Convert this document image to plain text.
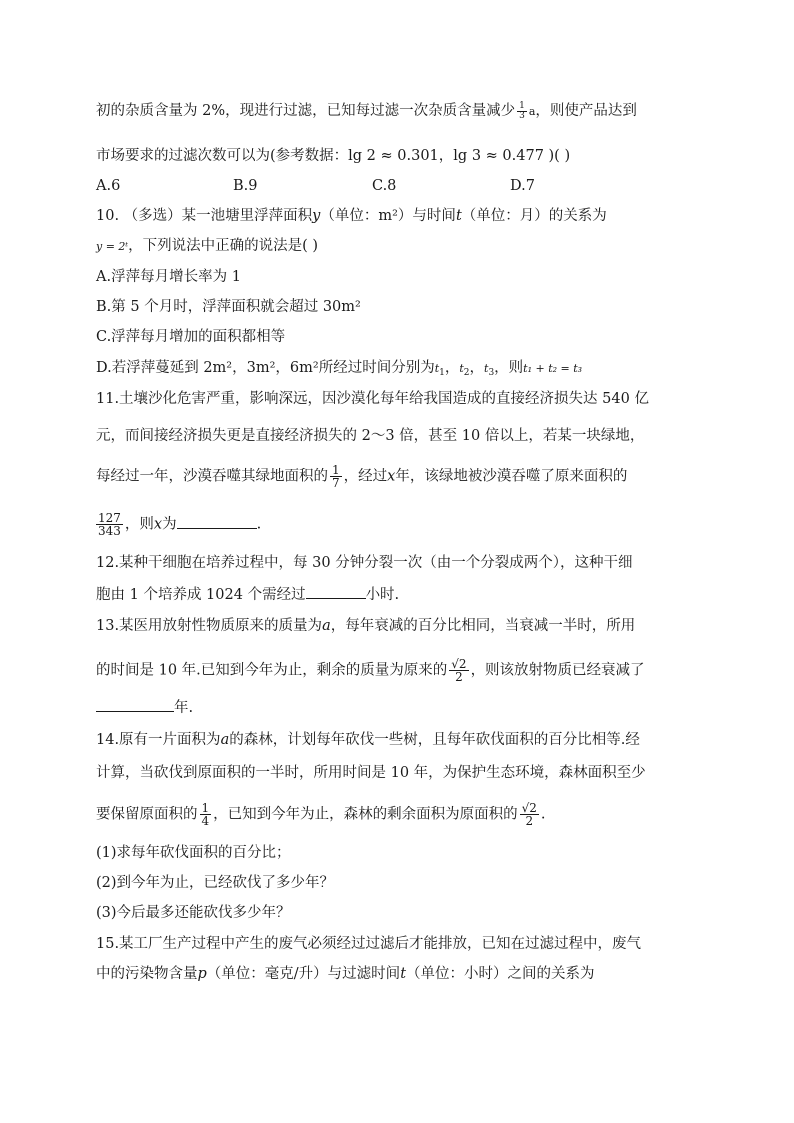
初的杂质含量为 2%，现进行过滤，已知每过滤一次杂质含量减少 $\frac{1}{3}$ a，则使产品达到
市场要求的过滤次数可以为(参考数据：lg 2 ≈ 0.301，lg 3 ≈ 0.477 )( )
A.6	B.9	C.8	D.7
10. （多选）某一池塘里浮萍面积y（单位：m²）与时间t（单位：月）的关系为
y = 2ᵗ，下列说法中正确的说法是( )
A.浮萍每月增长率为 1
B.第 5 个月时，浮萍面积就会超过 30m²
C.浮萍每月增加的面积都相等
D.若浮萍蔓延到 2m²，3m²，6m²所经过时间分别为$t_1$，$t_2$，$t_3$，则t₁ + t₂ = t₃
11.土壤沙化危害严重，影响深远，因沙漠化每年给我国造成的直接经济损失达 540 亿
元，而间接经济损失更是直接经济损失的 2～3 倍，甚至 10 倍以上，若某一块绿地，
每经过一年，沙漠吞噬其绿地面积的 $\frac{1}{7}$ ，经过x年，该绿地被沙漠吞噬了原来面积的
$\frac{127}{343}$ ，则x为	.
12.某种干细胞在培养过程中，每 30 分钟分裂一次（由一个分裂成两个），这种干细
胞由 1 个培养成 1024 个需经过	小时.
13.某医用放射性物质原来的质量为a，每年衰减的百分比相同，当衰减一半时，所用
的时间是 10 年.已知到今年为止，剩余的质量为原来的 $\frac{√2}{2}$ ，则该放射物质已经衰减了
年.
14.原有一片面积为a的森林，计划每年砍伐一些树，且每年砍伐面积的百分比相等.经
计算，当砍伐到原面积的一半时，所用时间是 10 年，为保护生态环境，森林面积至少
要保留原面积的 $\frac{1}{4}$ ，已知到今年为止，森林的剩余面积为原面积的 $\frac{√2}{2}$ .
(1)求每年砍伐面积的百分比；
(2)到今年为止，已经砍伐了多少年？
(3)今后最多还能砍伐多少年？
15.某工厂生产过程中产生的废气必须经过过滤后才能排放，已知在过滤过程中，废气
中的污染物含量p（单位：毫克/升）与过滤时间t（单位：小时）之间的关系为
